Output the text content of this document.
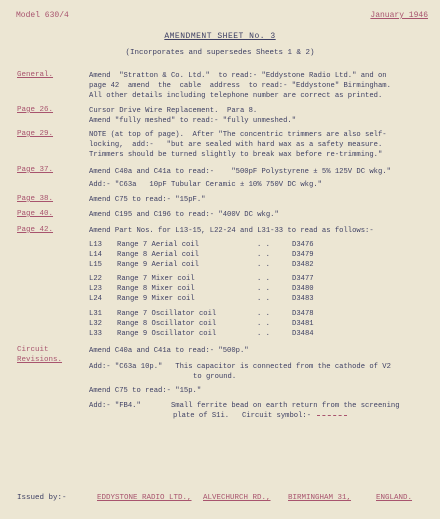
Model 630/4	January 1946
AMENDMENT SHEET No. 3
(Incorporates and supersedes Sheets 1 & 2)
General.	Amend  "Stratton & Co. Ltd."  to read:- "Eddystone Radio Ltd." and on
page 42  amend  the  cable  address  to read:- "Eddystone" Birmingham.
All other details including telephone number are correct as printed.
Page 26.	Cursor Drive Wire Replacement.  Para 8.
Amend "fully meshed" to read:- "fully unmeshed."
Page 29.	NOTE (at top of page).  After "The concentric trimmers are also self-
locking,  add:-   "but are sealed with hard wax as a safety measure.
Trimmers should be turned slightly to break wax before re-trimming."
Page 37.	Amend C40a and C41a to read:-    "500pF Polystyrene ± 5% 125V DC wkg."
Add:- "C63a   10pF Tubular Ceramic ± 10% 750V DC wkg."
Page 38.	Amend C75 to read:- "15pF."
Page 40.	Amend C195 and C196 to read:- "400V DC wkg."
Page 42.	Amend Part Nos. for L13-15, L22-24 and L31-33 to read as follows:-
L13 Range 7 Aerial coil	. .	D3476
L14 Range 8 Aerial coil	. .	D3479
L15 Range 9 Aerial coil	. .	D3482
L22 Range 7 Mixer coil	. .	D3477
L23 Range 8 Mixer coil	. .	D3480
L24 Range 9 Mixer coil	. .	D3483
L31 Range 7 Oscillator coil	. .	D3478
L32 Range 8 Oscillator coil	. .	D3481
L33 Range 9 Oscillator coil	. .	D3484
Circuit
Revisions.
Amend C40a and C41a to read:- "500p."
Add:- "C63a 10p."   This capacitor is connected from the cathode of V2
to ground.
Amend C75 to read:- "15p."
Add:- "FB4."       Small ferrite bead on earth return from the screening
plate of S1i.   Circuit symbol:-
Issued by:-	EDDYSTONE RADIO LTD., ALVECHURCH RD., BIRMINGHAM 31,	ENGLAND.
